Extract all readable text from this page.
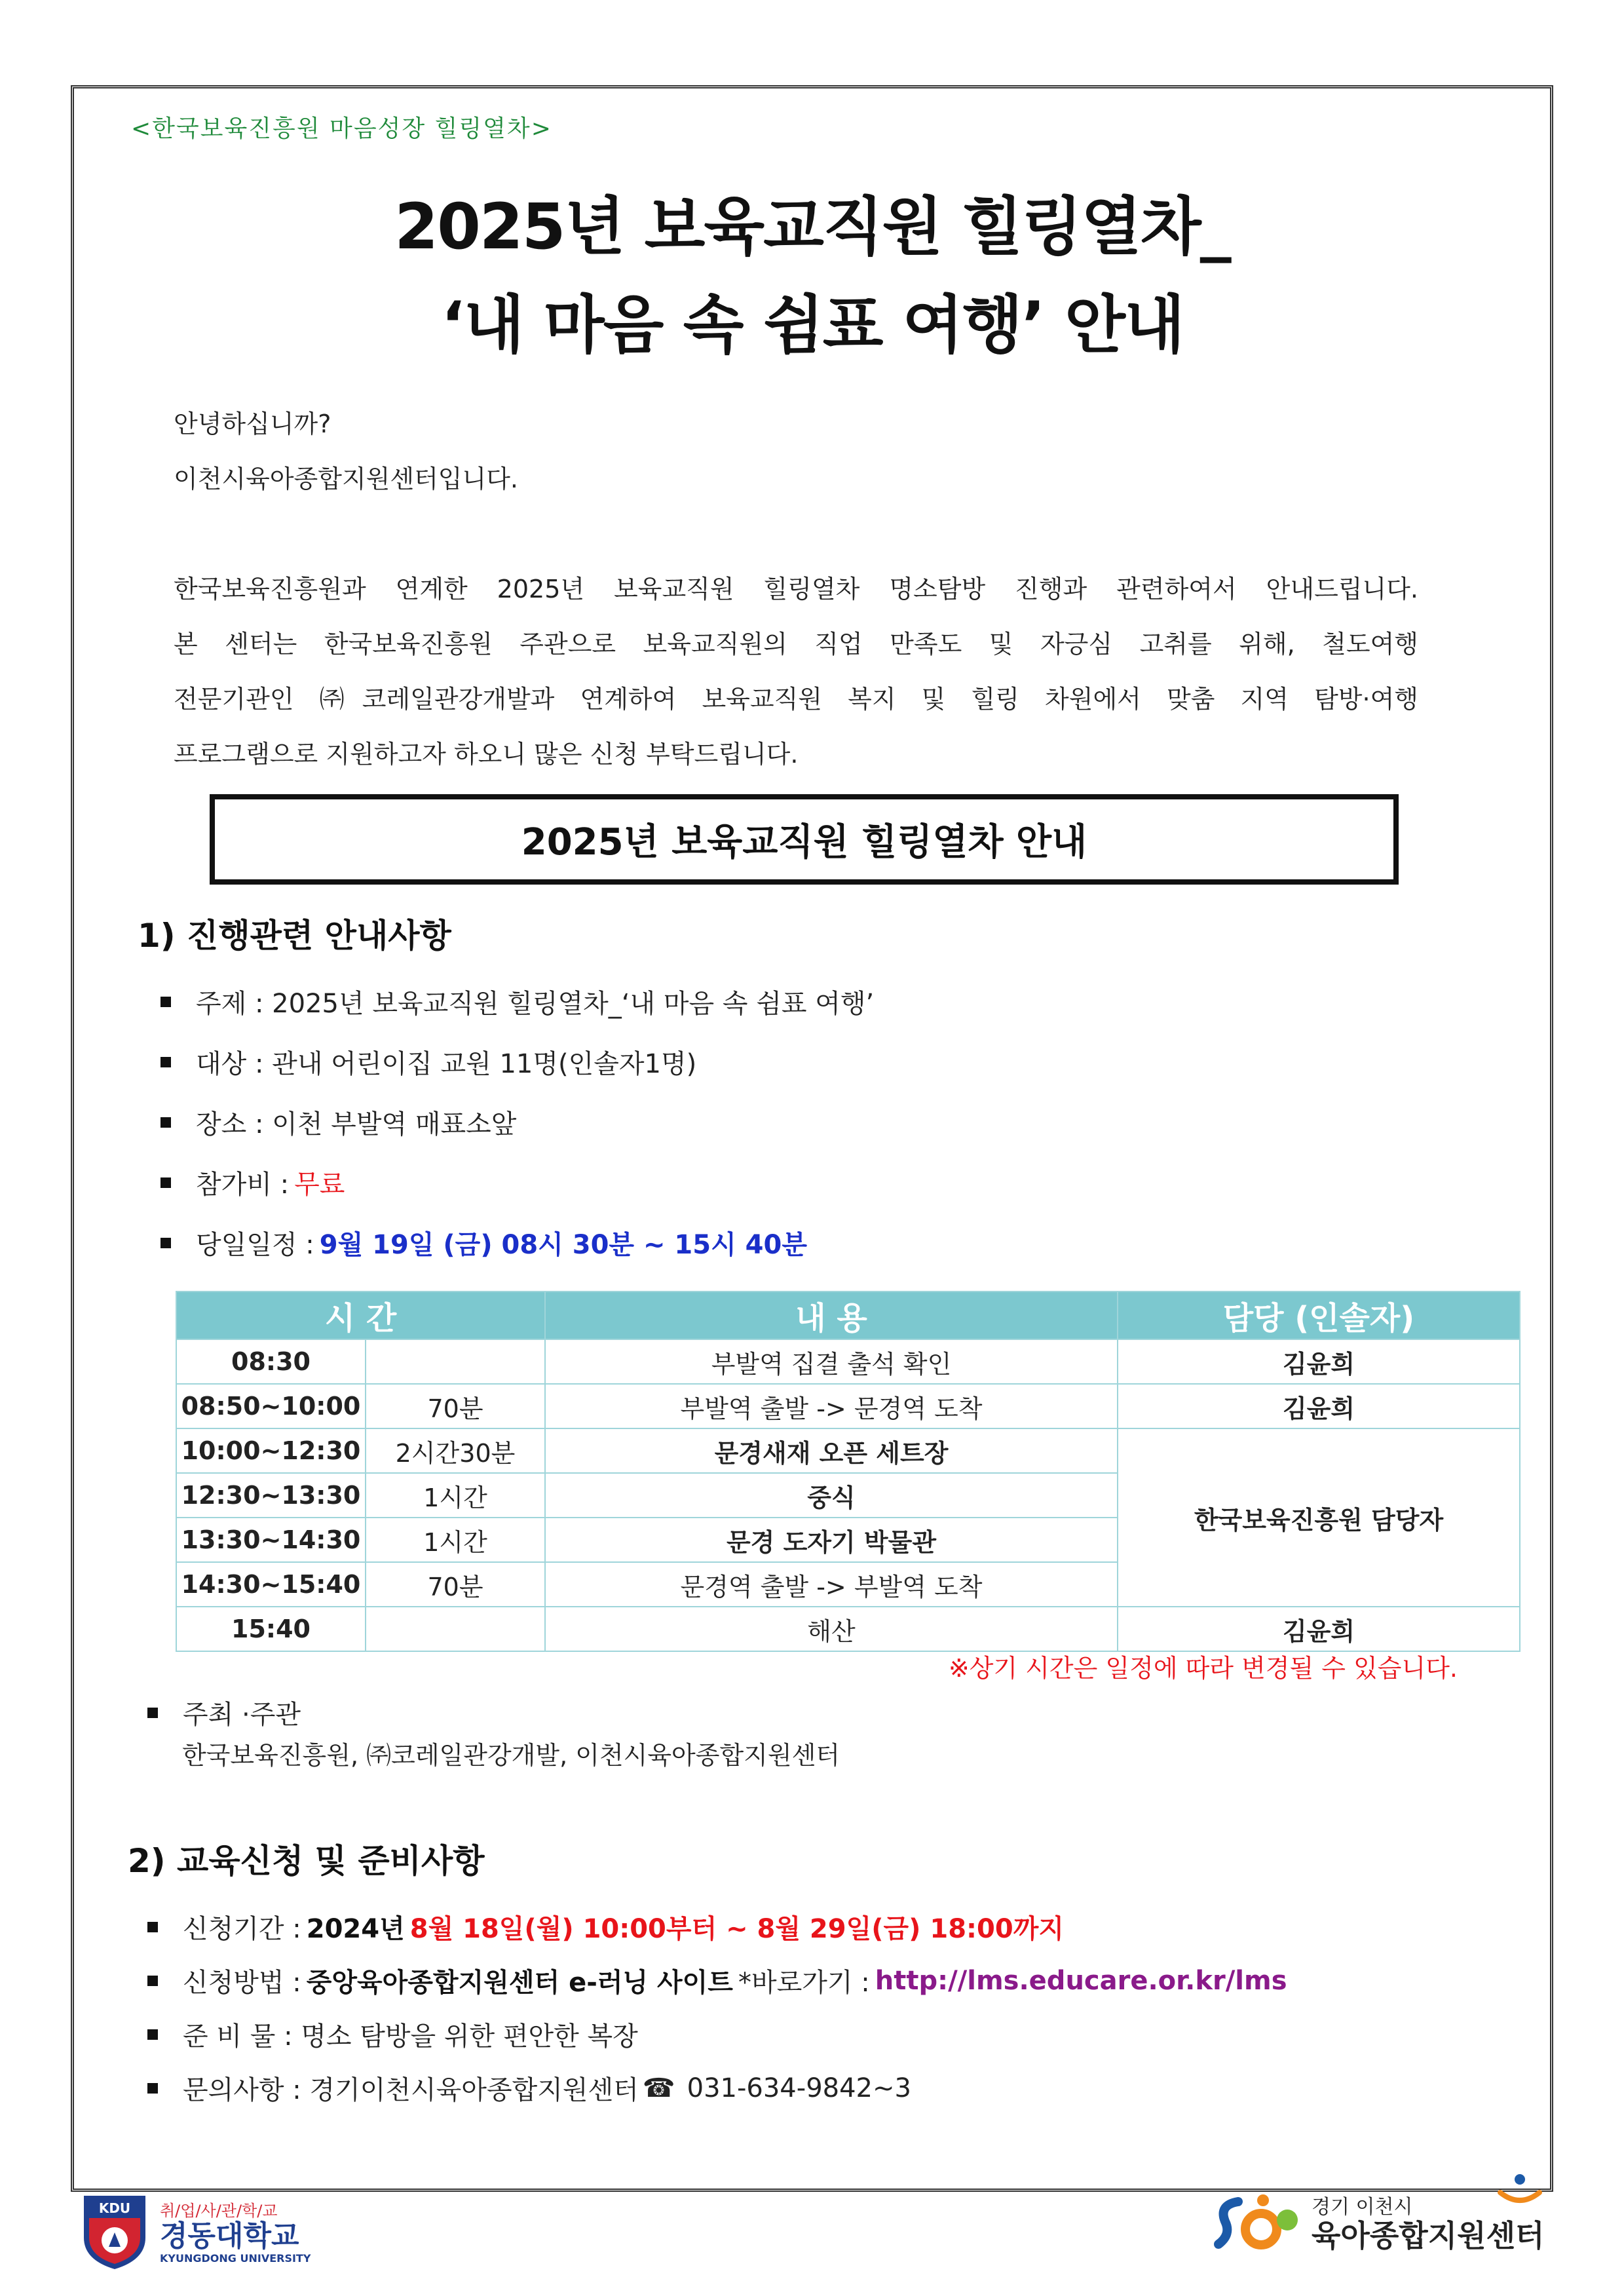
<한국보육진흥원 마음성장 힐링열차>
2025년 보육교직원 힐링열차_
‘내 마음 속 쉼표 여행’ 안내
안녕하십니까?
이천시육아종합지원센터입니다.
한국보육진흥원과 연계한 2025년 보육교직원 힐링열차 명소탐방 진행과 관련하여서 안내드립니다.
본 센터는 한국보육진흥원 주관으로 보육교직원의 직업 만족도 및 자긍심 고취를 위해, 철도여행
전문기관인 ㈜코레일관강개발과 연계하여 보육교직원 복지 및 힐링 차원에서 맞춤 지역 탐방·여행
프로그램으로 지원하고자 하오니 많은 신청 부탁드립니다.
2025년 보육교직원 힐링열차 안내
1) 진행관련 안내사항
주제 : 2025년 보육교직원 힐링열차_‘내 마음 속 쉼표 여행’
대상 : 관내 어린이집 교원 11명(인솔자1명)
장소 : 이천 부발역 매표소앞
참가비 : 무료
당일일정 : 9월 19일 (금) 08시 30분 ~ 15시 40분
시 간		내 용	담당 (인솔자)
08:30		부발역 집결 출석 확인	김윤희
08:50~10:00	70분	부발역 출발 -> 문경역 도착	김윤희
10:00~12:30	2시간30분	문경새재 오픈 세트장	한국보육진흥원 담당자
12:30~13:30	1시간	중식	
13:30~14:30	1시간	문경 도자기 박물관	
14:30~15:40	70분	문경역 출발 -> 부발역 도착	
15:40		해산	김윤희
※상기 시간은 일정에 따라 변경될 수 있습니다.
주최 ·주관
한국보육진흥원, ㈜코레일관강개발, 이천시육아종합지원센터
2) 교육신청 및 준비사항
신청기간 : 2024년 8월 18일(월) 10:00부터 ~ 8월 29일(금) 18:00까지
신청방법 : 중앙육아종합지원센터 e-러닝 사이트 *바로가기 : http://lms.educare.or.kr/lms
준 비 물 : 명소 탐방을 위한 편안한 복장
문의사항 : 경기이천시육아종합지원센터 ☎ 031-634-9842~3
KDU 취/업/사/관/학/교
경동대학교
KYUNGDONG UNIVERSITY
경기 이천시
육아종합지원센터
